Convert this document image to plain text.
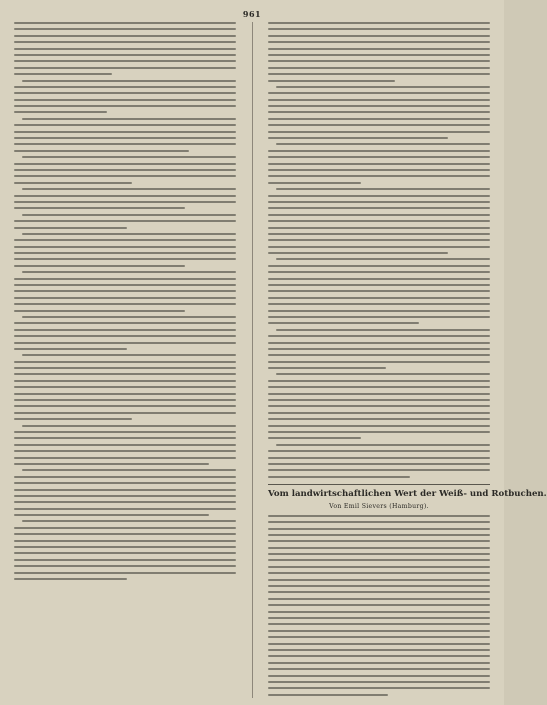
961
Vom landwirtschaftlichen Wert der Weiß- und Rotbuchen.
Von Emil Sievers (Hamburg).
